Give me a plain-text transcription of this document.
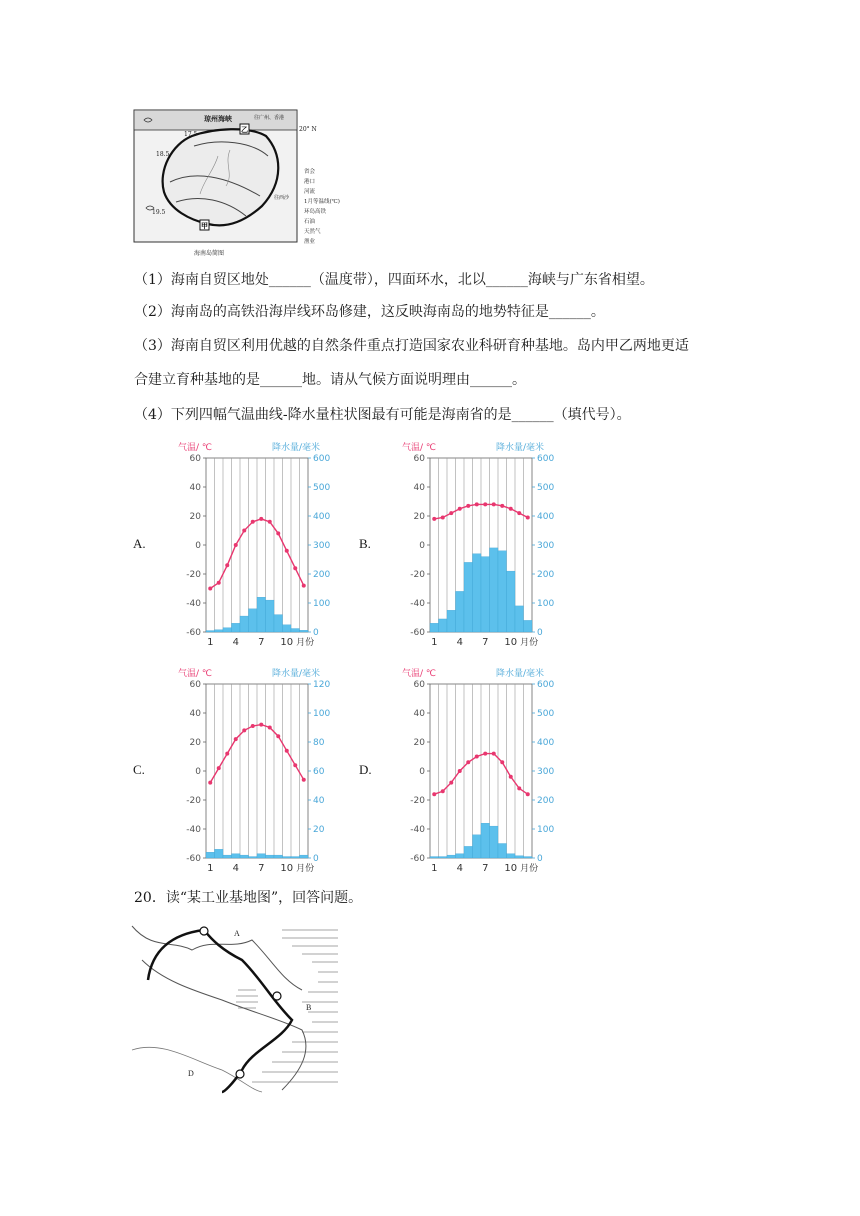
琼州海峡	往广州、香港
20° N
17.5
18.5
19.5
往西沙
乙
甲
海南岛简图
省会
港口
河流
1月等温线(℃)
环岛高铁
石油
天然气
渔业
（1）海南自贸区地处______（温度带），四面环水，北以______海峡与广东省相望。
（2）海南岛的高铁沿海岸线环岛修建，这反映海南岛的地势特征是______。
（3）海南自贸区利用优越的自然条件重点打造国家农业科研育种基地。岛内甲乙两地更适
合建立育种基地的是______地。请从气候方面说明理由______。
（4）下列四幅气温曲线-降水量柱状图最有可能是海南省的是______（填代号）。
A.	B.
C.	D.
60
40
20
0
-20
-40
-60
600
500
400
300
200
100
0
气温/ ℃	降水量/毫米
1 4 7 10 月份
60
40
20
0
-20
-40
-60
600
500
400
300
200
100
0
气温/ ℃	降水量/毫米
1 4 7 10 月份
60
40
20
0
-20
-40
-60
120
100
80
60
40
20
0
气温/ ℃	降水量/毫米
1 4 7 10 月份
60
40
20
0
-20
-40
-60
600
500
400
300
200
100
0
气温/ ℃	降水量/毫米
1 4 7 10 月份
20．读“某工业基地图”，回答问题。
A
B
D
